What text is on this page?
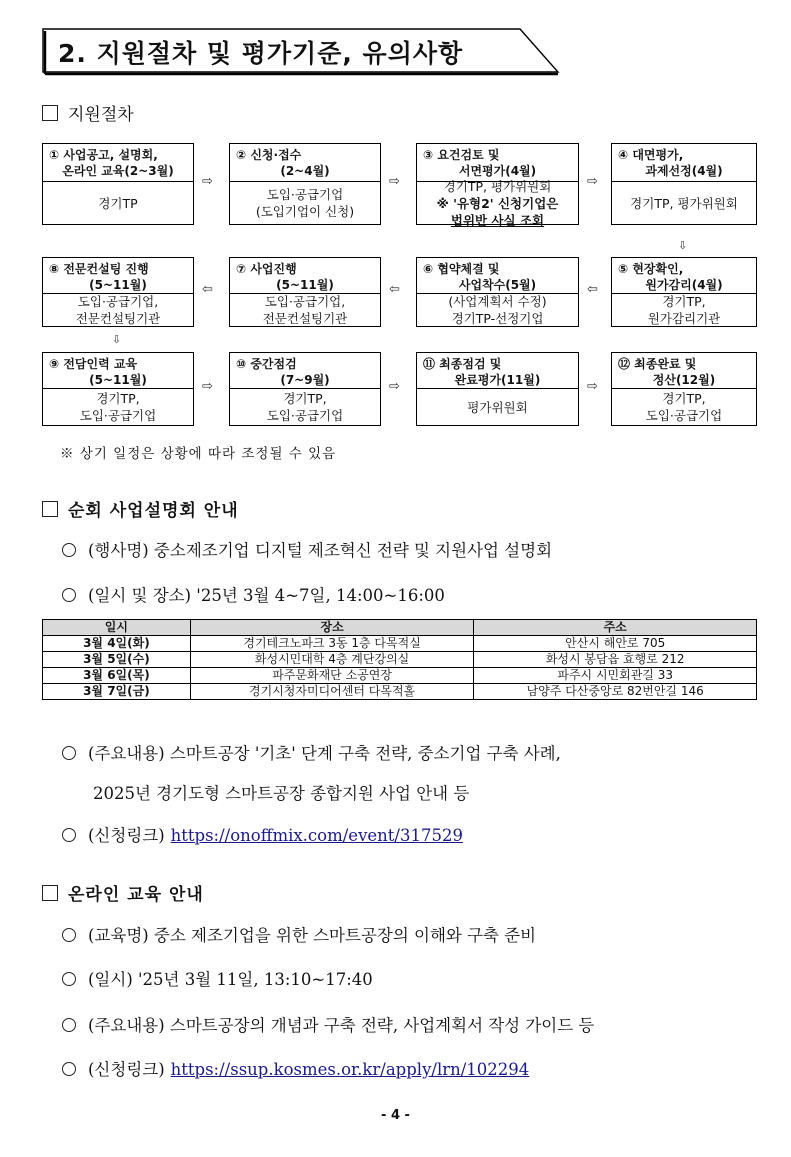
2. 지원절차 및 평가기준, 유의사항
지원절차
① 사업공고, 설명회,
온라인 교육(2~3월)
경기TP
② 신청·접수
(2~4월)
도입·공급기업
(도입기업이 신청)
③ 요건검토 및
서면평가(4월)
경기TP, 평가위원회
※ '유형2' 신청기업은
법위반 사실 조회
④ 대면평가,
과제선정(4월)
경기TP, 평가위원회
⇨	⇨	⇨
⑧ 전문컨설팅 진행
(5~11월)
도입·공급기업,
전문컨설팅기관
⑦ 사업진행
(5~11월)
도입·공급기업,
전문컨설팅기관
⑥ 협약체결 및
사업착수(5월)
(사업계획서 수정)
경기TP-선정기업
⑤ 현장확인,
원가감리(4월)
경기TP,
원가감리기관
⇦	⇦	⇦
⑨ 전담인력 교육
(5~11월)
경기TP,
도입·공급기업
⑩ 중간점검
(7~9월)
경기TP,
도입·공급기업
⑪ 최종점검 및
완료평가(11월)
평가위원회
⑫ 최종완료 및
정산(12월)
경기TP,
도입·공급기업
⇨	⇨	⇨
⇩
⇩
※ 상기 일정은 상황에 따라 조정될 수 있음
순회 사업설명회 안내
(행사명) 중소제조기업 디지털 제조혁신 전략 및 지원사업 설명회
(일시 및 장소) '25년 3월 4~7일, 14:00~16:00
일시	장소	주소
3월 4일(화)	경기테크노파크 3동 1층 다목적실	안산시 해안로 705
3월 5일(수)	화성시민대학 4층 계단강의실	화성시 봉담읍 효행로 212
3월 6일(목)	파주문화재단 소공연장	파주시 시민회관길 33
3월 7일(금)	경기시청자미디어센터 다목적홀	남양주 다산중앙로 82번안길 146
(주요내용) 스마트공장 '기초' 단계 구축 전략, 중소기업 구축 사례,
2025년 경기도형 스마트공장 종합지원 사업 안내 등
(신청링크) https://onoffmix.com/event/317529
온라인 교육 안내
(교육명) 중소 제조기업을 위한 스마트공장의 이해와 구축 준비
(일시) '25년 3월 11일, 13:10~17:40
(주요내용) 스마트공장의 개념과 구축 전략, 사업계획서 작성 가이드 등
(신청링크) https://ssup.kosmes.or.kr/apply/lrn/102294
- 4 -
